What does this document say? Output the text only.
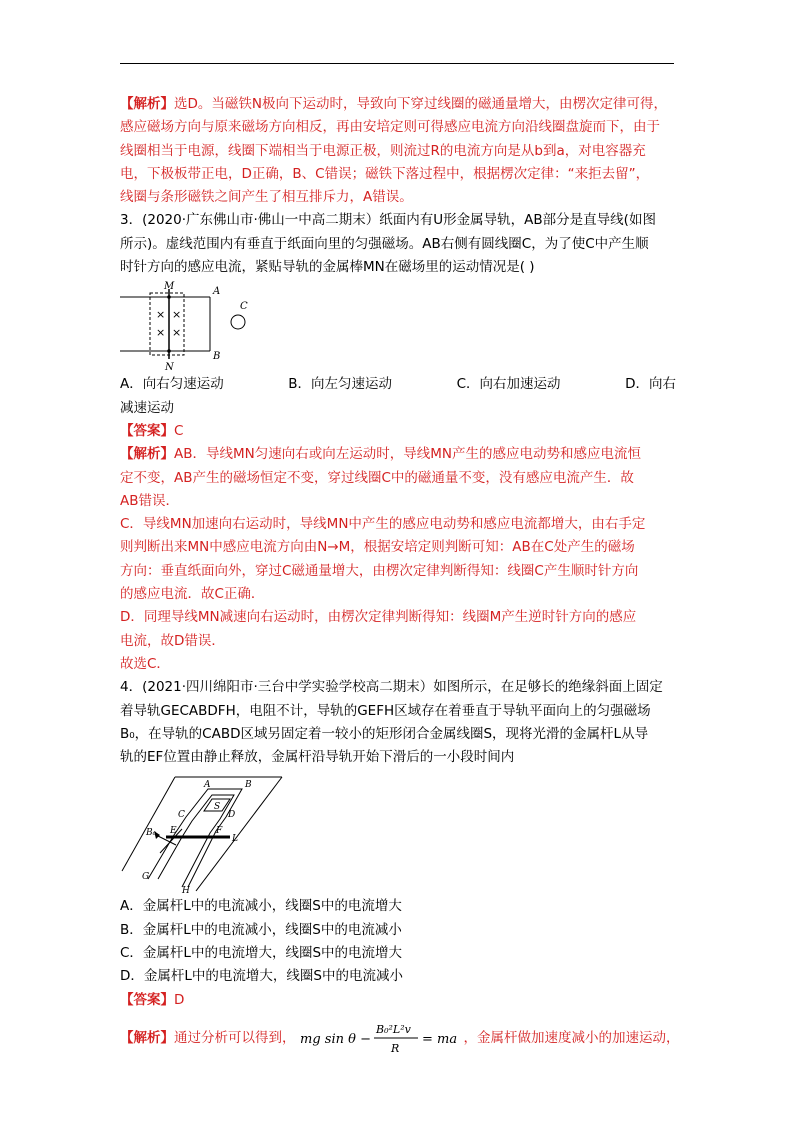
【解析】选D。当磁铁N极向下运动时，导致向下穿过线圈的磁通量增大，由楞次定律可得，

感应磁场方向与原来磁场方向相反，再由安培定则可得感应电流方向沿线圈盘旋而下，由于

线圈相当于电源，线圈下端相当于电源正极，则流过R的电流方向是从b到a，对电容器充

电，下极板带正电，D正确，B、C错误；磁铁下落过程中，根据楞次定律：“来拒去留”，

线圈与条形磁铁之间产生了相互排斥力，A错误。

3．(2020·广东佛山市·佛山一中高二期末）纸面内有U形金属导轨，AB部分是直导线(如图

所示)。虚线范围内有垂直于纸面向里的匀强磁场。AB右侧有圆线圈C，为了使C中产生顺

时针方向的感应电流，紧贴导轨的金属棒MN在磁场里的运动情况是( )

× ×
× ×
M
N
A
B
C
A．向右匀速运动	B．向左匀速运动	C．向右加速运动	D．向右

减速运动

【答案】C

【解析】AB．导线MN匀速向右或向左运动时，导线MN产生的感应电动势和感应电流恒

定不变，AB产生的磁场恒定不变，穿过线圈C中的磁通量不变，没有感应电流产生．故

AB错误．

C．导线MN加速向右运动时，导线MN中产生的感应电动势和感应电流都增大，由右手定

则判断出来MN中感应电流方向由N→M，根据安培定则判断可知：AB在C处产生的磁场

方向：垂直纸面向外，穿过C磁通量增大，由楞次定律判断得知：线圈C产生顺时针方向

的感应电流．故C正确．

D．同理导线MN减速向右运动时，由楞次定律判断得知：线圈M产生逆时针方向的感应

电流，故D错误．

故选C．

4．(2021·四川绵阳市·三台中学实验学校高二期末）如图所示，在足够长的绝缘斜面上固定

着导轨GECABDFH，电阻不计，导轨的GEFH区域存在着垂直于导轨平面向上的匀强磁场

B₀，在导轨的CABD区域另固定着一较小的矩形闭合金属线圈S，现将光滑的金属杆L从导

轨的EF位置由静止释放，金属杆沿导轨开始下滑后的一小段时间内

S
B₀
A	B
C	D
E	F
L
G
H

A．金属杆L中的电流减小，线圈S中的电流增大

B．金属杆L中的电流减小，线圈S中的电流减小

C．金属杆L中的电流增大，线圈S中的电流增大

D．金属杆L中的电流增大，线圈S中的电流减小

【答案】D

【解析】通过分析可以得到， mg sin θ −
B₀²L²v
R
= ma ，金属杆做加速度减小的加速运动，
